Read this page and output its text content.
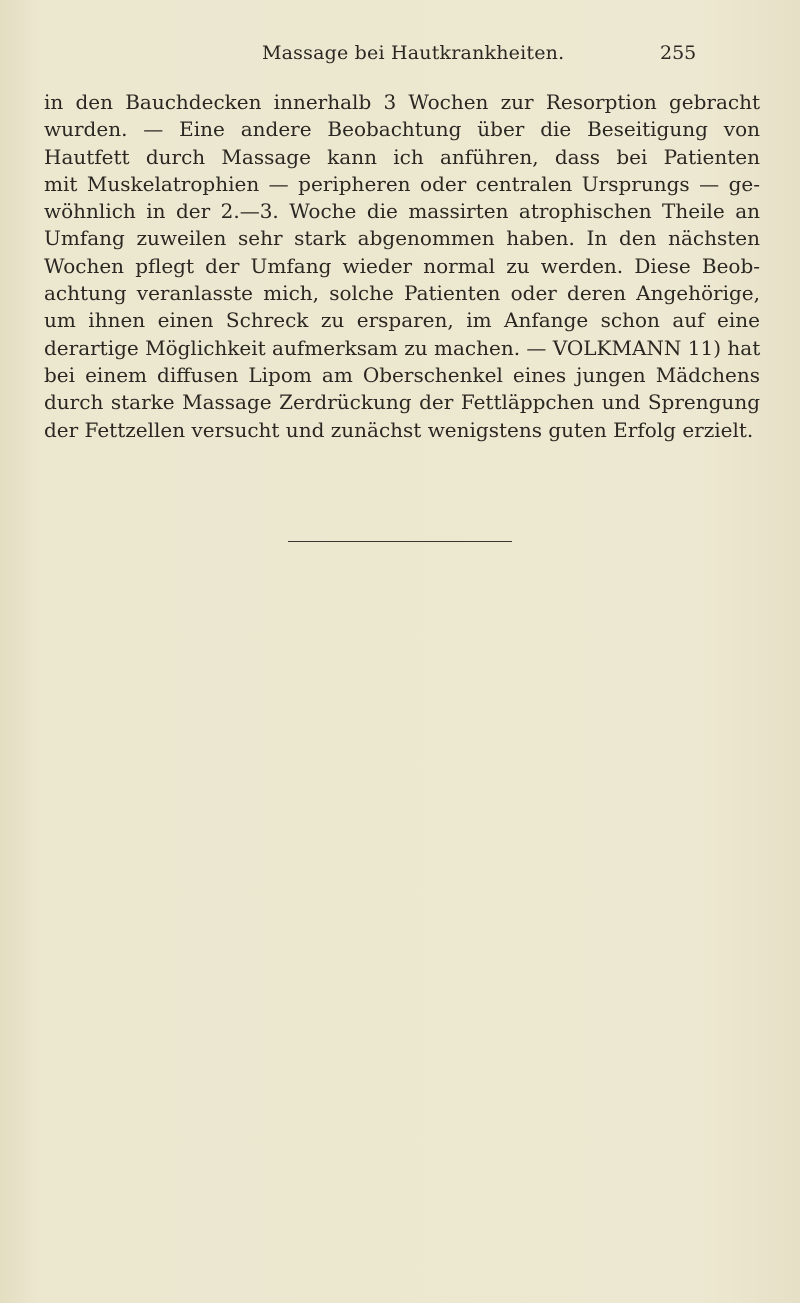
Massage bei Hautkrankheiten.	255
in den Bauchdecken innerhalb 3 Wochen zur Resorption gebracht
wurden. — Eine andere Beobachtung über die Beseitigung von
Hautfett durch Massage kann ich anführen, dass bei Patienten
mit Muskelatrophien — peripheren oder centralen Ursprungs — ge-
wöhnlich in der 2.—3. Woche die massirten atrophischen Theile an
Umfang zuweilen sehr stark abgenommen haben. In den nächsten
Wochen pflegt der Umfang wieder normal zu werden. Diese Beob-
achtung veranlasste mich, solche Patienten oder deren Angehörige,
um ihnen einen Schreck zu ersparen, im Anfange schon auf eine
derartige Möglichkeit aufmerksam zu machen. — VOLKMANN 11) hat
bei einem diffusen Lipom am Oberschenkel eines jungen Mädchens
durch starke Massage Zerdrückung der Fettläppchen und Sprengung
der Fettzellen versucht und zunächst wenigstens guten Erfolg erzielt.
